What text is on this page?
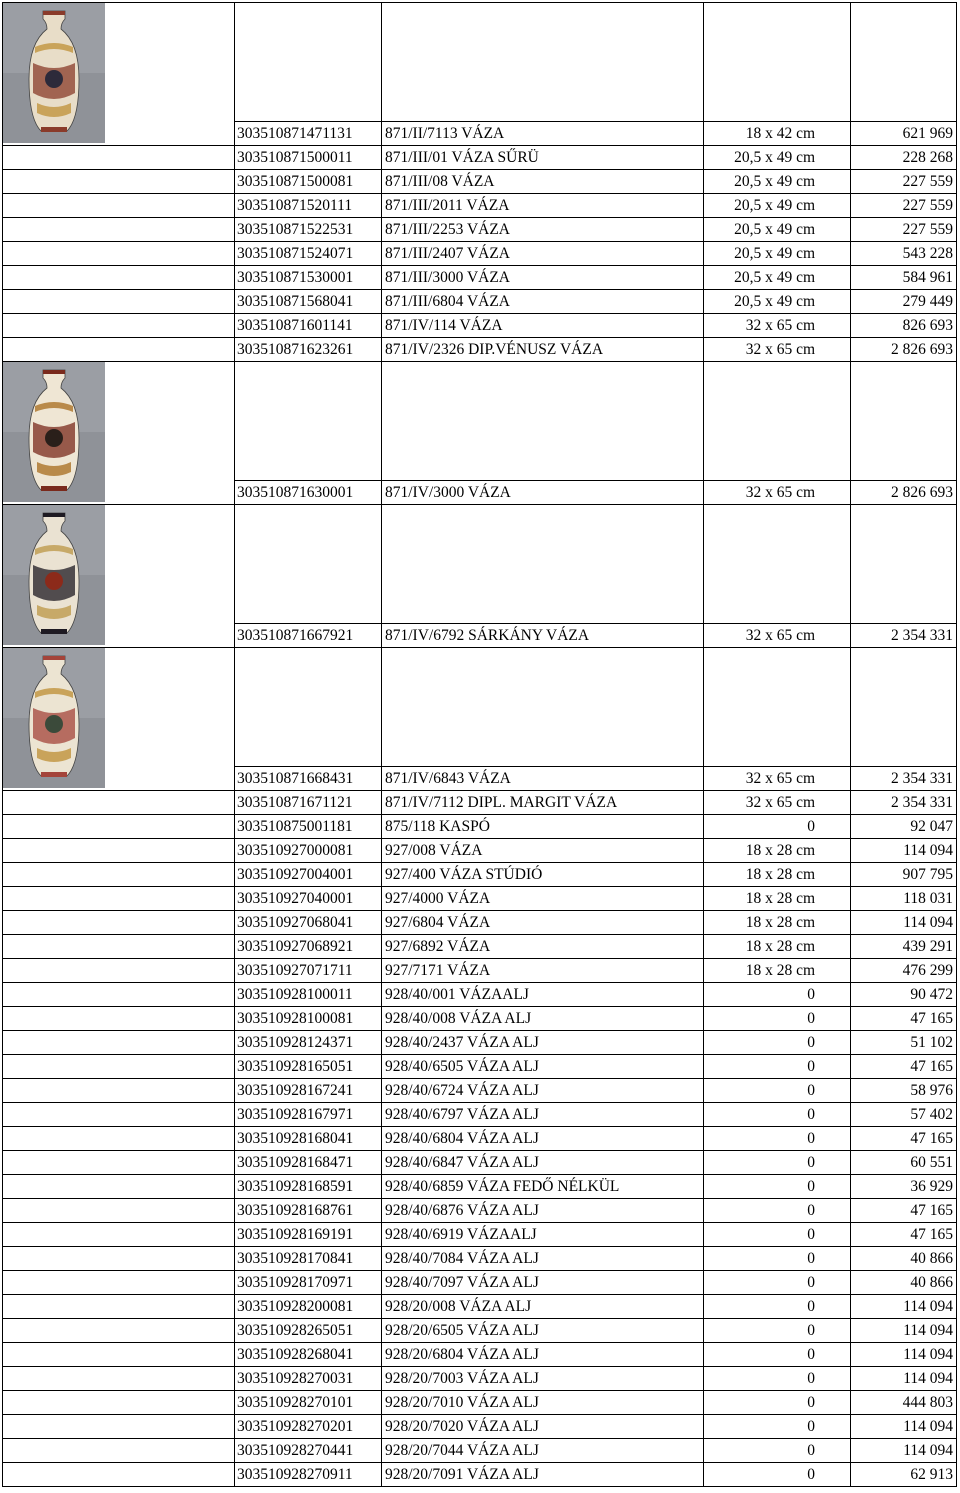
	303510871471131	871/II/7113 VÁZA	18 x 42 cm	621 969
	303510871500011	871/III/01 VÁZA SŰRÜ	20,5 x 49 cm	228 268
	303510871500081	871/III/08 VÁZA	20,5 x 49 cm	227 559
	303510871520111	871/III/2011 VÁZA	20,5 x 49 cm	227 559
	303510871522531	871/III/2253 VÁZA	20,5 x 49 cm	227 559
	303510871524071	871/III/2407 VÁZA	20,5 x 49 cm	543 228
	303510871530001	871/III/3000 VÁZA	20,5 x 49 cm	584 961
	303510871568041	871/III/6804 VÁZA	20,5 x 49 cm	279 449
	303510871601141	871/IV/114 VÁZA	32 x 65 cm	826 693
	303510871623261	871/IV/2326 DIP.VÉNUSZ VÁZA	32 x 65 cm	2 826 693

	303510871630001	871/IV/3000 VÁZA	32 x 65 cm	2 826 693

	303510871667921	871/IV/6792 SÁRKÁNY VÁZA	32 x 65 cm	2 354 331

	303510871668431	871/IV/6843 VÁZA	32 x 65 cm	2 354 331
	303510871671121	871/IV/7112 DIPL. MARGIT VÁZA	32 x 65 cm	2 354 331
	303510875001181	875/118 KASPÓ	0	92 047
	303510927000081	927/008 VÁZA	18 x 28 cm	114 094
	303510927004001	927/400 VÁZA STÚDIÓ	18 x 28 cm	907 795
	303510927040001	927/4000 VÁZA	18 x 28 cm	118 031
	303510927068041	927/6804 VÁZA	18 x 28 cm	114 094
	303510927068921	927/6892 VÁZA	18 x 28 cm	439 291
	303510927071711	927/7171 VÁZA	18 x 28 cm	476 299
	303510928100011	928/40/001 VÁZAALJ	0	90 472
	303510928100081	928/40/008 VÁZA ALJ	0	47 165
	303510928124371	928/40/2437 VÁZA ALJ	0	51 102
	303510928165051	928/40/6505 VÁZA ALJ	0	47 165
	303510928167241	928/40/6724 VÁZA ALJ	0	58 976
	303510928167971	928/40/6797 VÁZA ALJ	0	57 402
	303510928168041	928/40/6804 VÁZA ALJ	0	47 165
	303510928168471	928/40/6847 VÁZA ALJ	0	60 551
	303510928168591	928/40/6859 VÁZA FEDŐ NÉLKÜL	0	36 929
	303510928168761	928/40/6876 VÁZA ALJ	0	47 165
	303510928169191	928/40/6919 VÁZAALJ	0	47 165
	303510928170841	928/40/7084 VÁZA ALJ	0	40 866
	303510928170971	928/40/7097 VÁZA ALJ	0	40 866
	303510928200081	928/20/008 VÁZA ALJ	0	114 094
	303510928265051	928/20/6505 VÁZA ALJ	0	114 094
	303510928268041	928/20/6804 VÁZA ALJ	0	114 094
	303510928270031	928/20/7003 VÁZA ALJ	0	114 094
	303510928270101	928/20/7010 VÁZA ALJ	0	444 803
	303510928270201	928/20/7020 VÁZA ALJ	0	114 094
	303510928270441	928/20/7044 VÁZA ALJ	0	114 094
	303510928270911	928/20/7091 VÁZA ALJ	0	62 913
